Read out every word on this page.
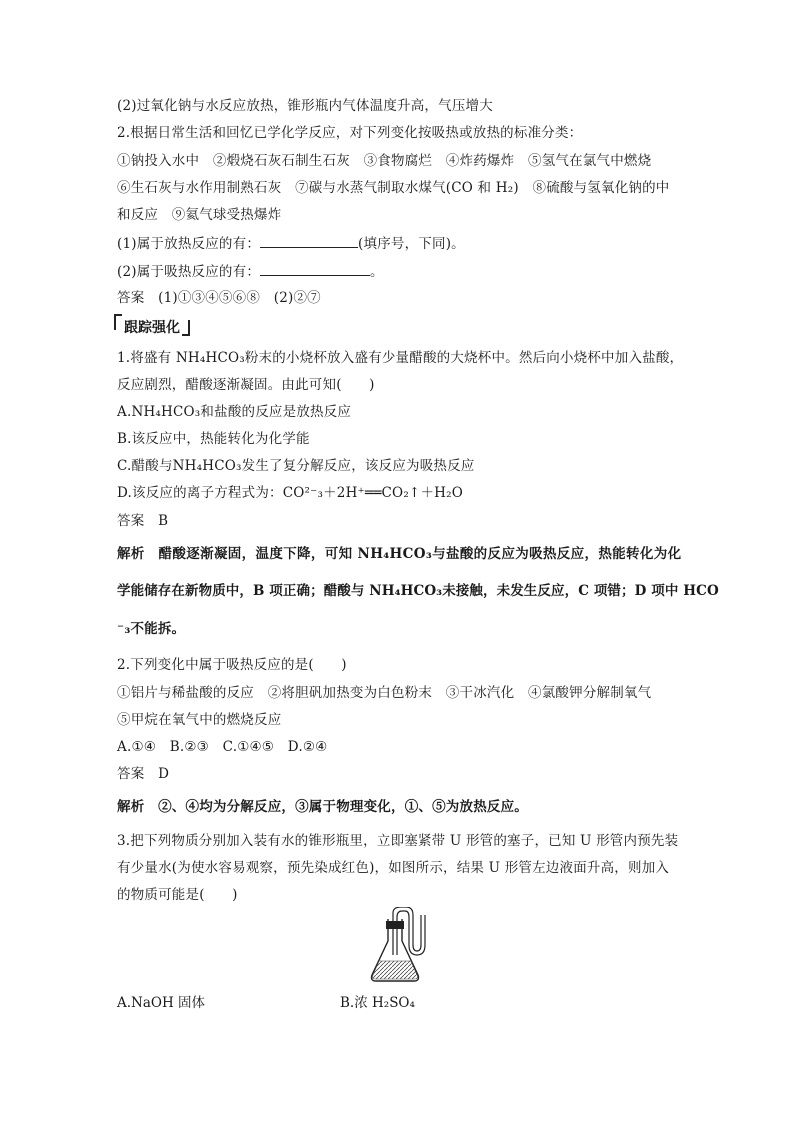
(2)过氧化钠与水反应放热，锥形瓶内气体温度升高，气压增大
2.根据日常生活和回忆已学化学反应，对下列变化按吸热或放热的标准分类：
①钠投入水中　②煅烧石灰石制生石灰　③食物腐烂　④炸药爆炸　⑤氢气在氯气中燃烧
⑥生石灰与水作用制熟石灰　⑦碳与水蒸气制取水煤气(CO 和 H₂)　⑧硫酸与氢氧化钠的中
和反应　⑨氦气球受热爆炸
(1)属于放热反应的有：	(填序号，下同)。
(2)属于吸热反应的有：	。
答案　(1)①③④⑤⑥⑧　(2)②⑦
跟踪强化
1.将盛有 NH₄HCO₃粉末的小烧杯放入盛有少量醋酸的大烧杯中。然后向小烧杯中加入盐酸，
反应剧烈，醋酸逐渐凝固。由此可知(　　)
A.NH₄HCO₃和盐酸的反应是放热反应
B.该反应中，热能转化为化学能
C.醋酸与NH₄HCO₃发生了复分解反应，该反应为吸热反应
D.该反应的离子方程式为：CO²⁻₃＋2H⁺══CO₂↑＋H₂O
答案　B
解析　醋酸逐渐凝固，温度下降，可知 NH₄HCO₃与盐酸的反应为吸热反应，热能转化为化
学能储存在新物质中，B 项正确；醋酸与 NH₄HCO₃未接触，未发生反应，C 项错；D 项中 HCO
⁻₃不能拆。
2.下列变化中属于吸热反应的是(　　)
①铝片与稀盐酸的反应　②将胆矾加热变为白色粉末　③干冰汽化　④氯酸钾分解制氧气
⑤甲烷在氧气中的燃烧反应
A.①④　B.②③　C.①④⑤　D.②④
答案　D
解析　②、④均为分解反应，③属于物理变化，①、⑤为放热反应。
3.把下列物质分别加入装有水的锥形瓶里，立即塞紧带 U 形管的塞子，已知 U 形管内预先装
有少量水(为使水容易观察，预先染成红色)，如图所示，结果 U 形管左边液面升高，则加入
的物质可能是(　　)
A.NaOH 固体	B.浓 H₂SO₄
